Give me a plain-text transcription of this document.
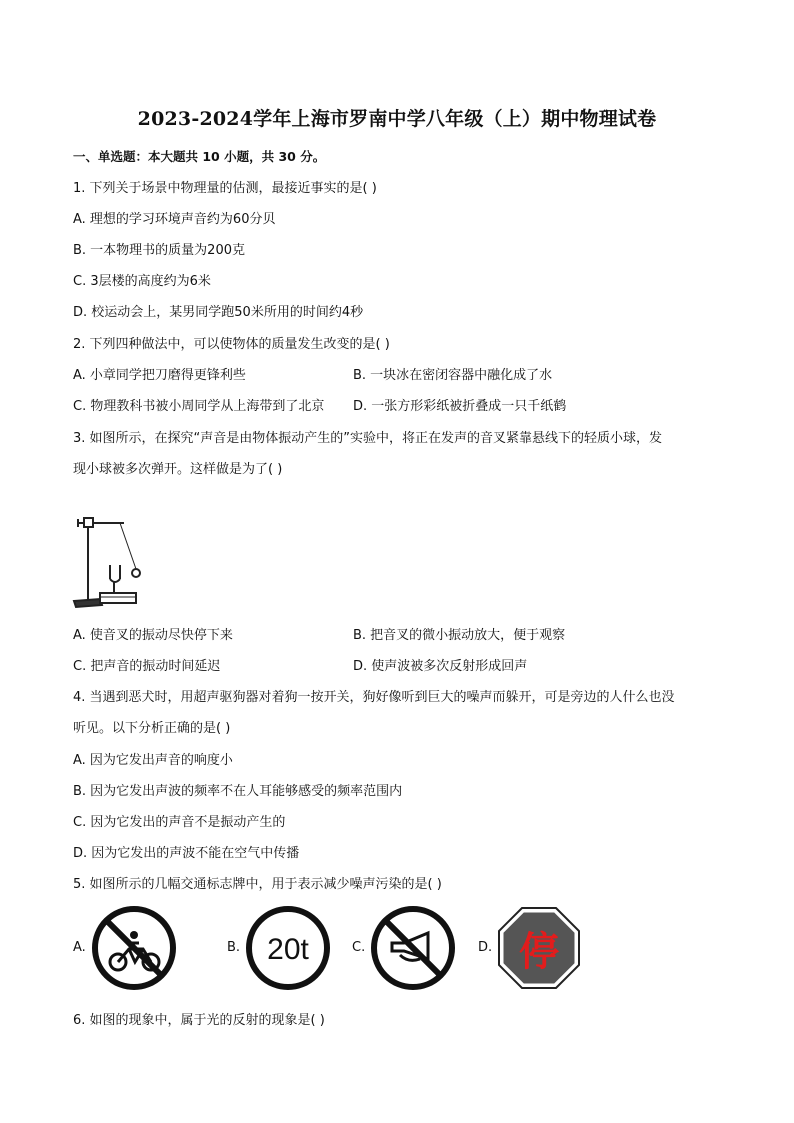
2023-2024学年上海市罗南中学八年级（上）期中物理试卷
一、单选题：本大题共 10 小题，共 30 分。
1. 下列关于场景中物理量的估测，最接近事实的是( )
A. 理想的学习环境声音约为60分贝
B. 一本物理书的质量为200克
C. 3层楼的高度约为6米
D. 校运动会上，某男同学跑50米所用的时间约4秒
2. 下列四种做法中，可以使物体的质量发生改变的是( )
A. 小章同学把刀磨得更锋利些	B. 一块冰在密闭容器中融化成了水
C. 物理教科书被小周同学从上海带到了北京 D. 一张方形彩纸被折叠成一只千纸鹤
3. 如图所示，在探究“声音是由物体振动产生的”实验中，将正在发声的音叉紧靠悬线下的轻质小球，发
现小球被多次弹开。这样做是为了( )
A. 使音叉的振动尽快停下来	B. 把音叉的微小振动放大，便于观察
C. 把声音的振动时间延迟	D. 使声波被多次反射形成回声
4. 当遇到恶犬时，用超声驱狗器对着狗一按开关，狗好像听到巨大的噪声而躲开，可是旁边的人什么也没
听见。以下分析正确的是( )
A. 因为它发出声音的响度小
B. 因为它发出声波的频率不在人耳能够感受的频率范围内
C. 因为它发出的声音不是振动产生的
D. 因为它发出的声波不能在空气中传播
5. 如图所示的几幅交通标志牌中，用于表示减少噪声污染的是( )
A.	B. 20t	C.	D. 停
6. 如图的现象中，属于光的反射的现象是( )
